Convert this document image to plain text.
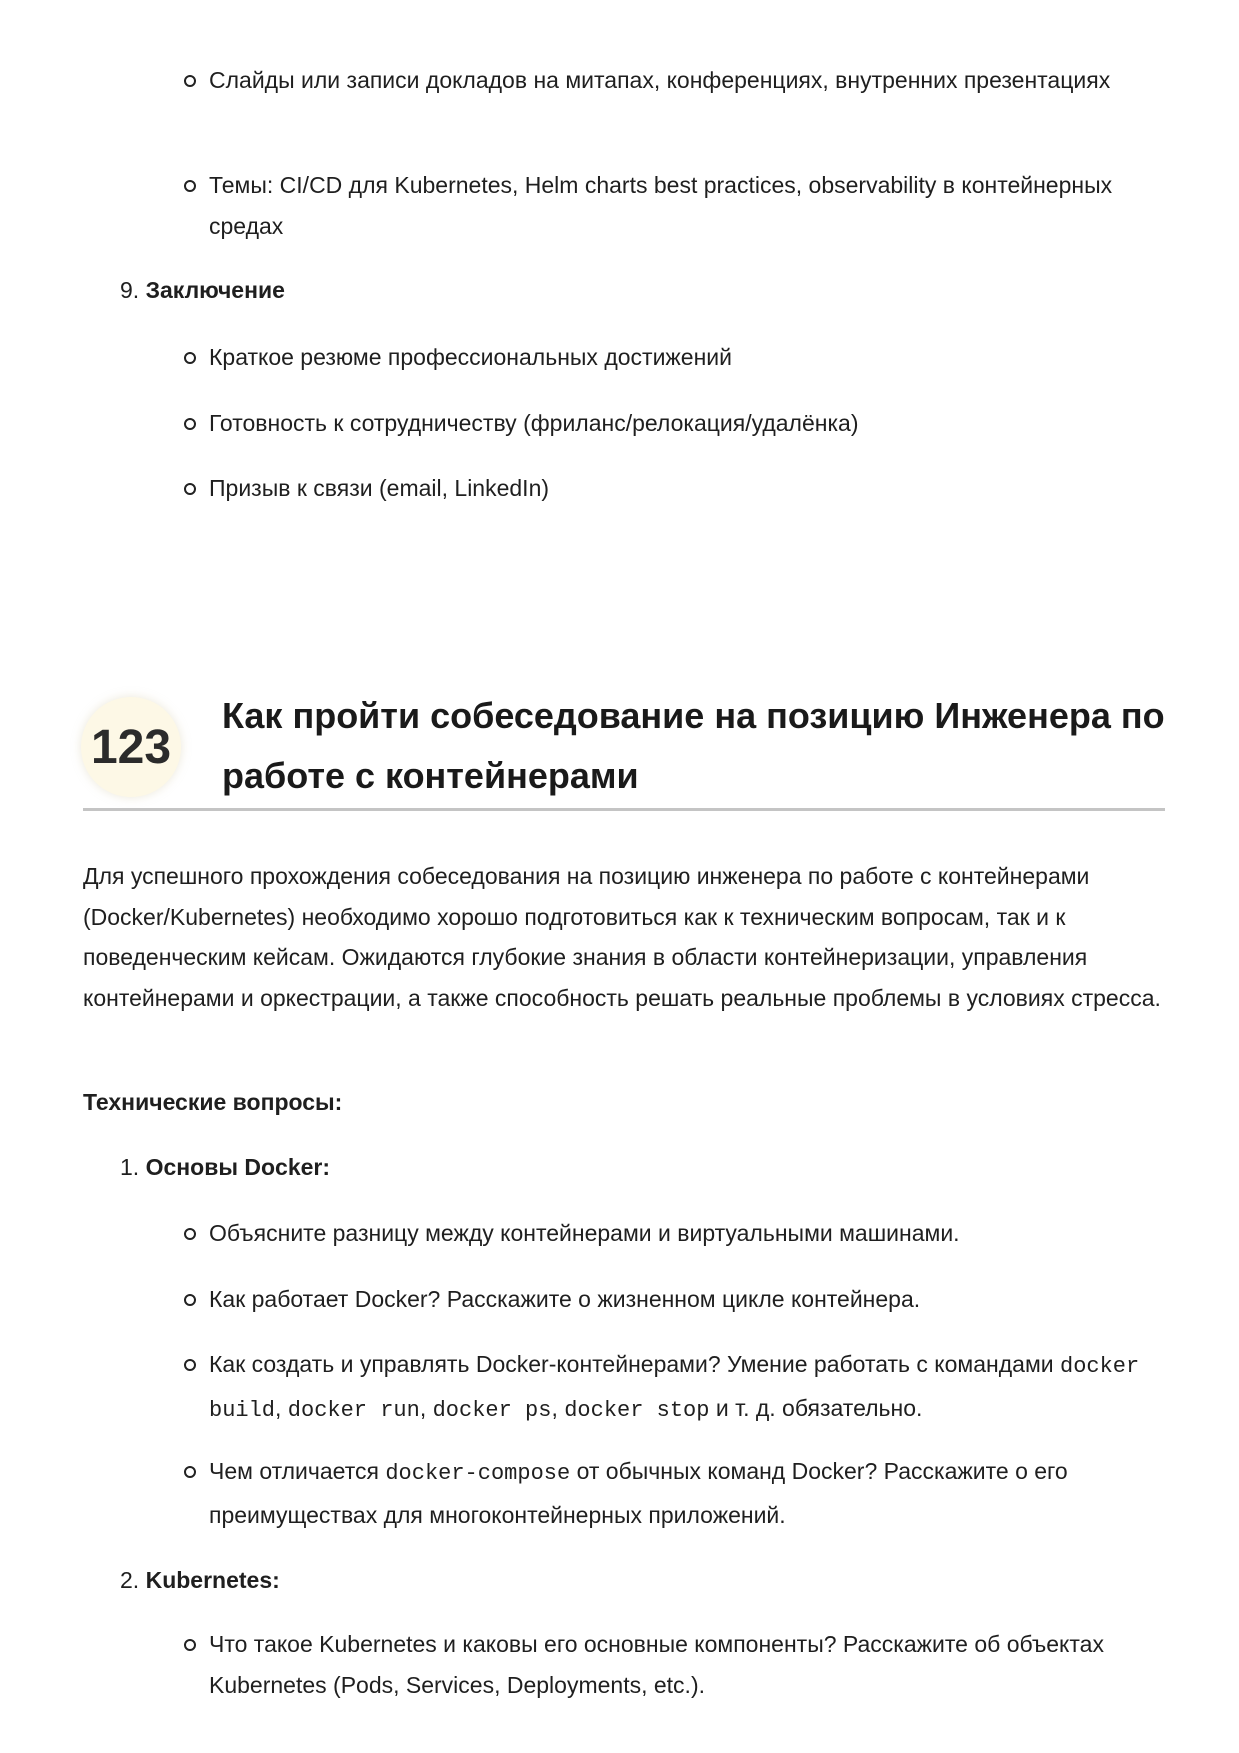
Слайды или записи докладов на митапах, конференциях, внутренних презентациях
Темы: CI/CD для Kubernetes, Helm charts best practices, observability в контейнерных средах
9. Заключение
Краткое резюме профессиональных достижений
Готовность к сотрудничеству (фриланс/релокация/удалёнка)
Призыв к связи (email, LinkedIn)
123
Как пройти собеседование на позицию Инженера по работе с контейнерами
Для успешного прохождения собеседования на позицию инженера по работе с контейнерами (Docker/Kubernetes) необходимо хорошо подготовиться как к техническим вопросам, так и к поведенческим кейсам. Ожидаются глубокие знания в области контейнеризации, управления контейнерами и оркестрации, а также способность решать реальные проблемы в условиях стресса.
Технические вопросы:
1. Основы Docker:
Объясните разницу между контейнерами и виртуальными машинами.
Как работает Docker? Расскажите о жизненном цикле контейнера.
Как создать и управлять Docker-контейнерами? Умение работать с командами docker build, docker run, docker ps, docker stop и т. д. обязательно.
Чем отличается docker-compose от обычных команд Docker? Расскажите о его преимуществах для многоконтейнерных приложений.
2. Kubernetes:
Что такое Kubernetes и каковы его основные компоненты? Расскажите об объектах Kubernetes (Pods, Services, Deployments, etc.).
